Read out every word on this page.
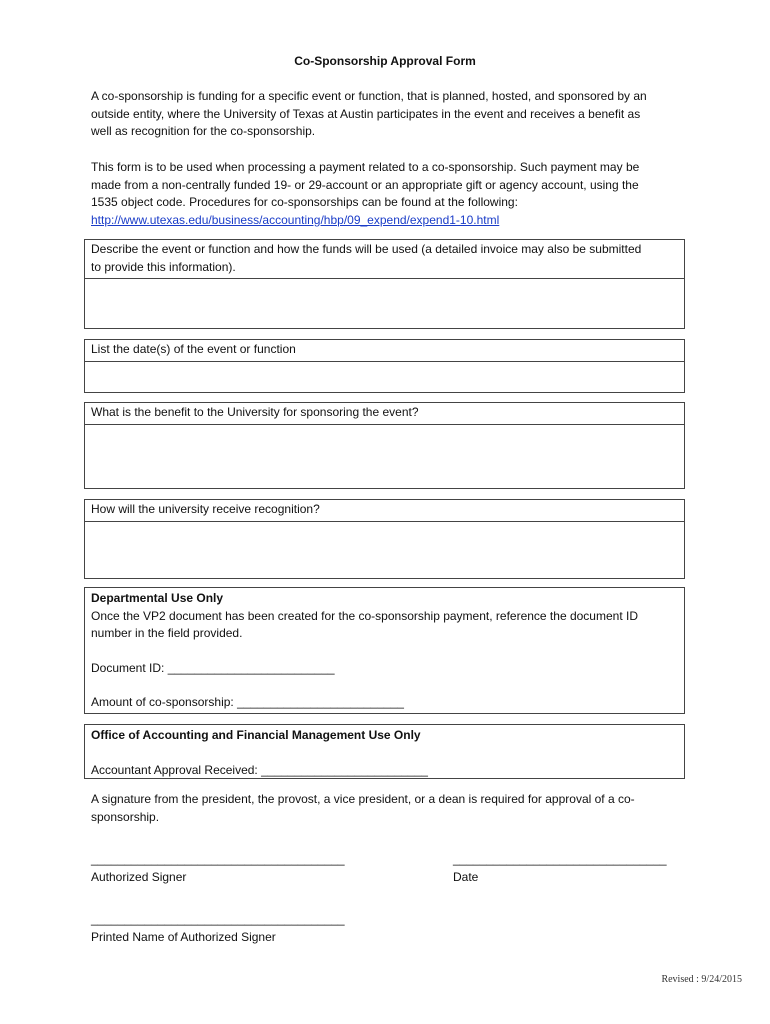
Co-Sponsorship Approval Form

A co-sponsorship is funding for a specific event or function, that is planned, hosted, and sponsored by an

outside entity, where the University of Texas at Austin participates in the event and receives a benefit as

well as recognition for the co-sponsorship.

This form is to be used when processing a payment related to a co-sponsorship. Such payment may be

made from a non-centrally funded 19- or 29-account or an appropriate gift or agency account, using the

1535 object code. Procedures for co-sponsorships can be found at the following:

http://www.utexas.edu/business/accounting/hbp/09_expend/expend1-10.html

Describe the event or function and how the funds will be used (a detailed invoice may also be submitted
to provide this information).
List the date(s) of the event or function
What is the benefit to the University for sponsoring the event?
How will the university receive recognition?
Departmental Use Only
Once the VP2 document has been created for the co-sponsorship payment, reference the document ID
number in the field provided.
Document ID: _________________________
Amount of co-sponsorship: _________________________
Office of Accounting and Financial Management Use Only
Accountant Approval Received: _________________________

A signature from the president, the provost, a vice president, or a dean is required for approval of a co-

sponsorship.

______________________________________
Authorized Signer
________________________________
Date
______________________________________
Printed Name of Authorized Signer
Revised : 9/24/2015
